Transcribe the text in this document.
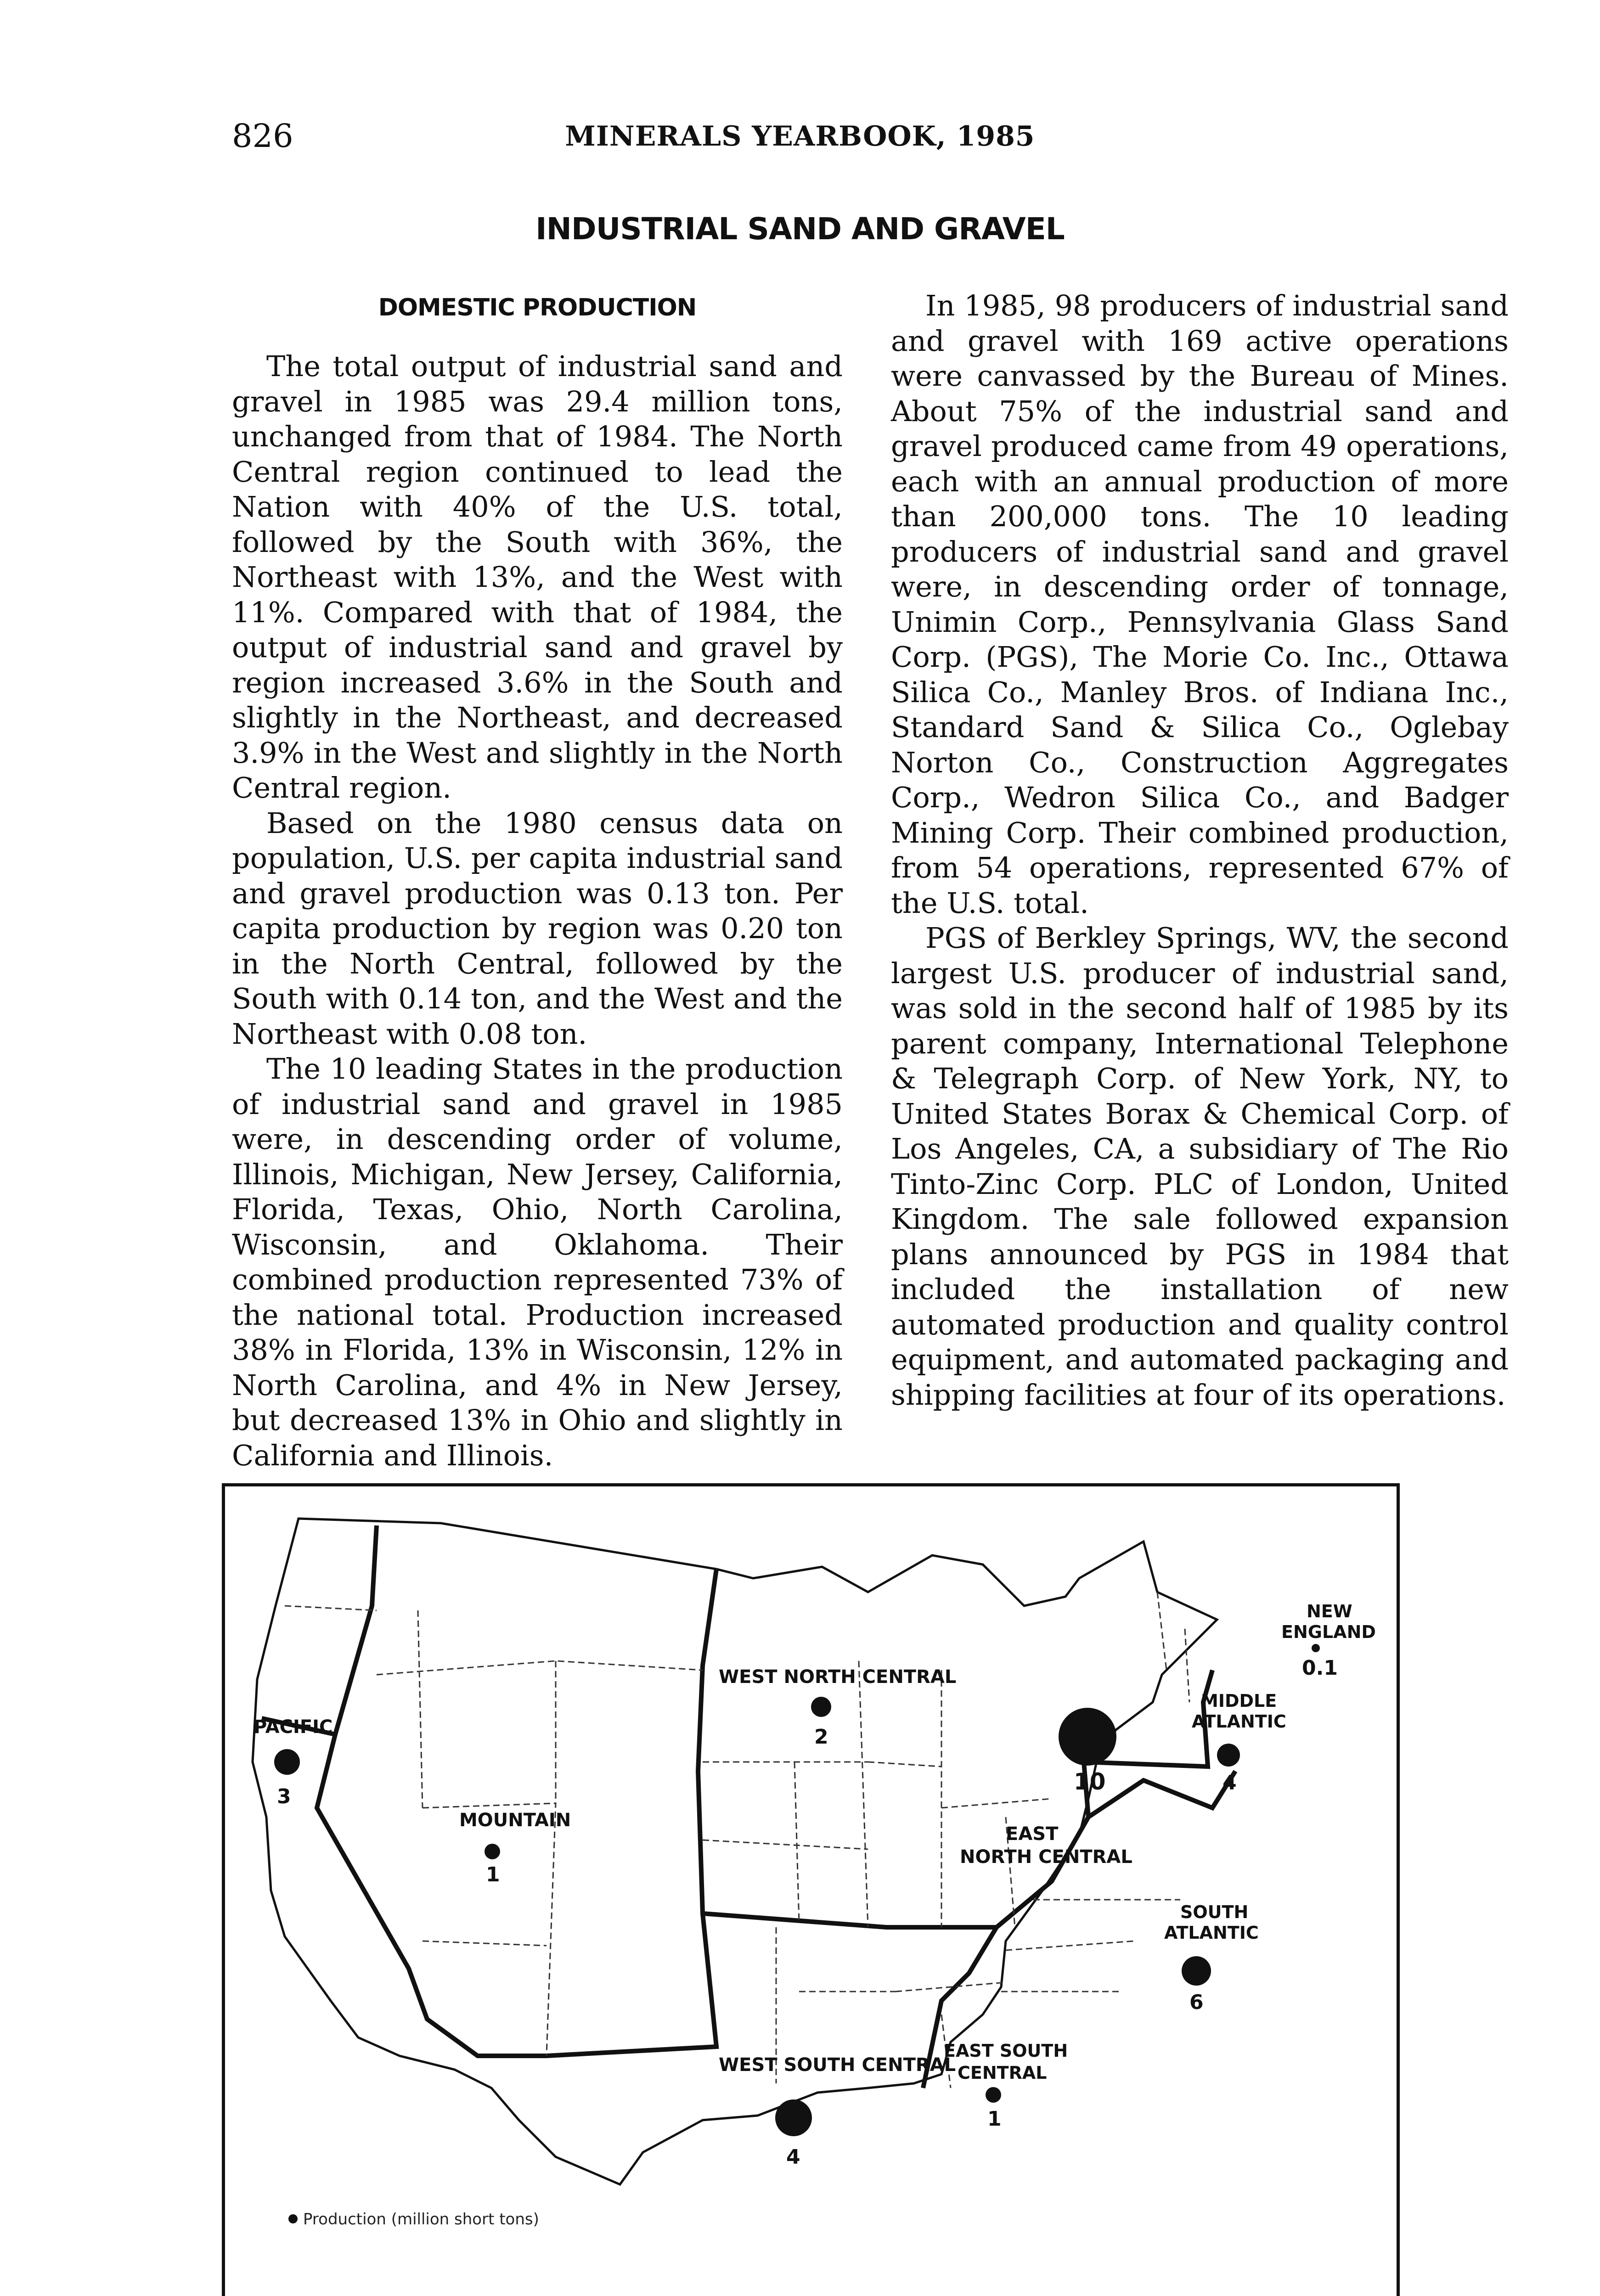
826	MINERALS YEARBOOK, 1985
INDUSTRIAL SAND AND GRAVEL
DOMESTIC PRODUCTION

The total output of industrial sand and gravel in 1985 was 29.4 million tons, unchanged from that of 1984. The North Central region continued to lead the Nation with 40% of the U.S. total, followed by the South with 36%, the Northeast with 13%, and the West with 11%. Compared with that of 1984, the output of industrial sand and gravel by region increased 3.6% in the South and slightly in the Northeast, and decreased 3.9% in the West and slightly in the North Central region.

Based on the 1980 census data on population, U.S. per capita industrial sand and gravel production was 0.13 ton. Per capita production by region was 0.20 ton in the North Central, followed by the South with 0.14 ton, and the West and the Northeast with 0.08 ton.

The 10 leading States in the production of industrial sand and gravel in 1985 were, in descending order of volume, Illinois, Michigan, New Jersey, California, Florida, Texas, Ohio, North Carolina, Wisconsin, and Oklahoma. Their combined production represented 73% of the national total. Production increased 38% in Florida, 13% in Wisconsin, 12% in North Carolina, and 4% in New Jersey, but decreased 13% in Ohio and slightly in California and Illinois.

In 1985, 98 producers of industrial sand and gravel with 169 active operations were canvassed by the Bureau of Mines. About 75% of the industrial sand and gravel produced came from 49 operations, each with an annual production of more than 200,000 tons. The 10 leading producers of industrial sand and gravel were, in descending order of tonnage, Unimin Corp., Pennsylvania Glass Sand Corp. (PGS), The Morie Co. Inc., Ottawa Silica Co., Manley Bros. of Indiana Inc., Standard Sand & Silica Co., Oglebay Norton Co., Construction Aggregates Corp., Wedron Silica Co., and Badger Mining Corp. Their combined production, from 54 operations, represented 67% of the U.S. total.

PGS of Berkley Springs, WV, the second largest U.S. producer of industrial sand, was sold in the second half of 1985 by its parent company, International Telephone & Telegraph Corp. of New York, NY, to United States Borax & Chemical Corp. of Los Angeles, CA, a subsidiary of The Rio Tinto-Zinc Corp. PLC of London, United Kingdom. The sale followed expansion plans announced by PGS in 1984 that included the installation of new automated production and quality control equipment, and automated packaging and shipping facilities at four of its operations.

PACIFIC
3
MOUNTAIN
1
WEST NORTH CENTRAL
2
WEST SOUTH CENTRAL
4
10
EAST
NORTH CENTRAL
EAST SOUTH
CENTRAL
1
SOUTH
ATLANTIC
6
MIDDLE
ATLANTIC
4
NEW
ENGLAND
0.1
Production (million short tons)
